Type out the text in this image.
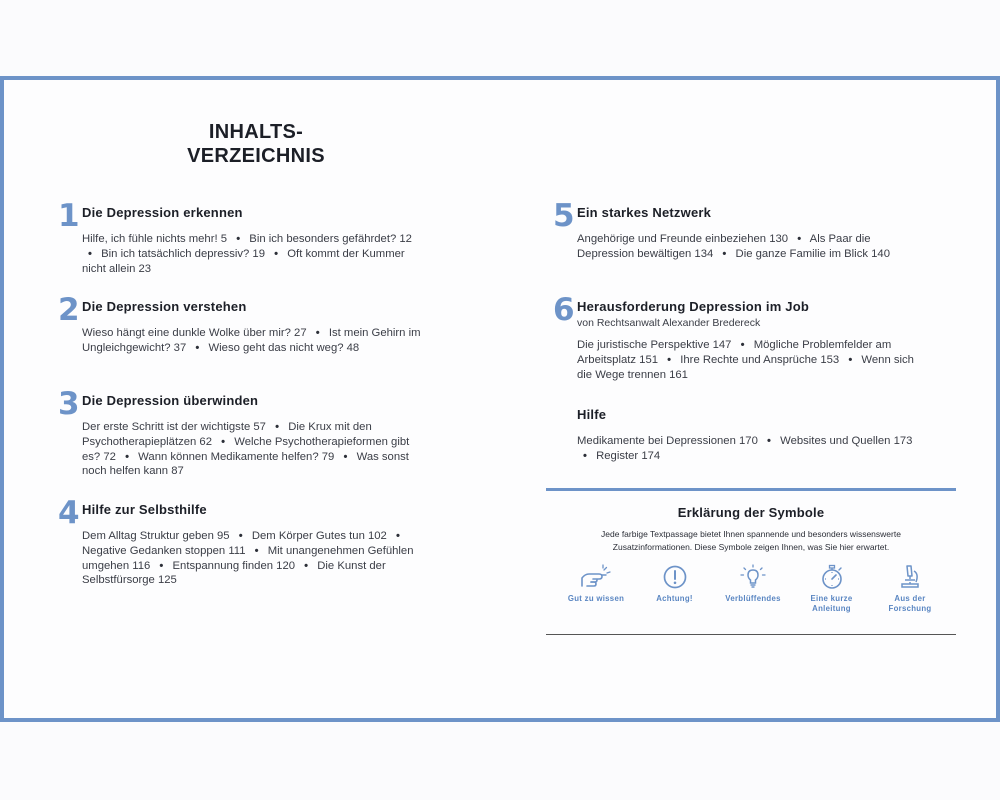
INHALTS-
VERZEICHNIS
1 Die Depression erkennen
Hilfe, ich fühle nichts mehr! 5 • Bin ich besonders gefährdet? 12 • Bin ich tatsächlich depressiv? 19 • Oft kommt der Kummer nicht allein 23
2 Die Depression verstehen
Wieso hängt eine dunkle Wolke über mir? 27 • Ist mein Gehirn im Ungleichgewicht? 37 • Wieso geht das nicht weg? 48
3 Die Depression überwinden
Der erste Schritt ist der wichtigste 57 • Die Krux mit den Psychotherapieplätzen 62 • Welche Psychotherapieformen gibt es? 72 • Wann können Medikamente helfen? 79 • Was sonst noch helfen kann 87
4 Hilfe zur Selbsthilfe
Dem Alltag Struktur geben 95 • Dem Körper Gutes tun 102 • Negative Gedanken stoppen 111 • Mit unangenehmen Gefühlen umgehen 116 • Entspannung finden 120 • Die Kunst der Selbstfürsorge 125
5 Ein starkes Netzwerk
Angehörige und Freunde einbeziehen 130 • Als Paar die Depression bewältigen 134 • Die ganze Familie im Blick 140
6 Herausforderung Depression im Job
von Rechtsanwalt Alexander Bredereck
Die juristische Perspektive 147 • Mögliche Problemfelder am Arbeitsplatz 151 • Ihre Rechte und Ansprüche 153 • Wenn sich die Wege trennen 161
Hilfe
Medikamente bei Depressionen 170 • Websites und Quellen 173 • Register 174
Erklärung der Symbole
Jede farbige Textpassage bietet Ihnen spannende und besonders wissenswerte Zusatzinformationen. Diese Symbole zeigen Ihnen, was Sie hier erwartet.
Gut zu wissen	Achtung!	Verblüffendes	Eine kurze Anleitung
Aus der Forschung
